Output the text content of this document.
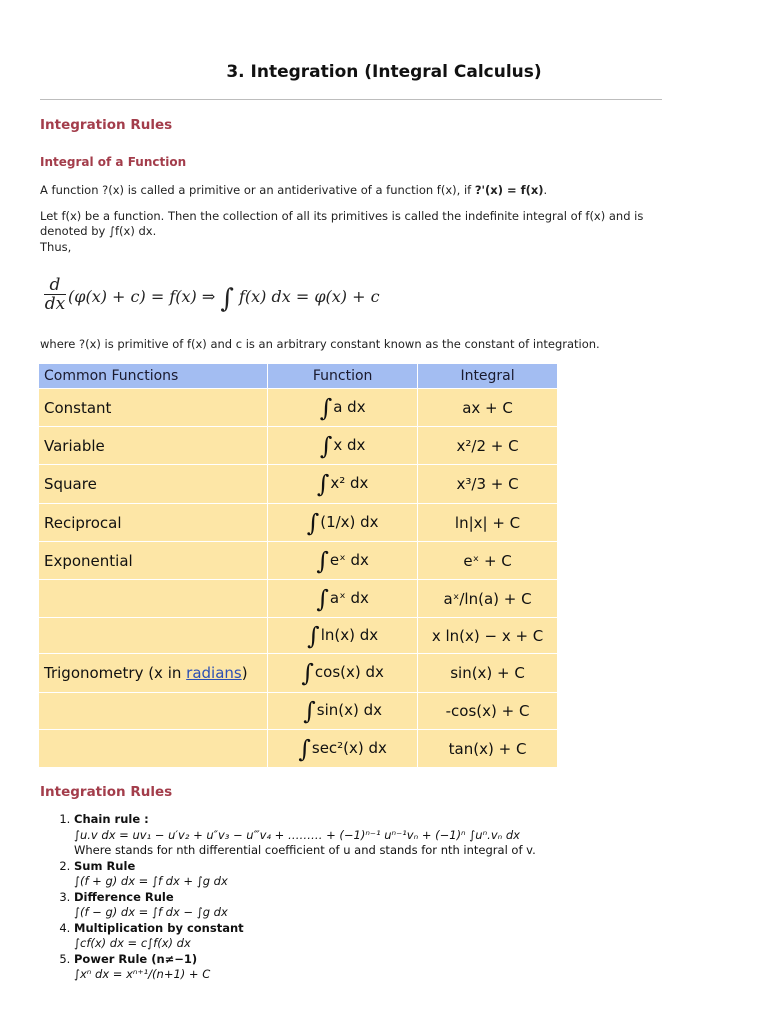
3. Integration (Integral Calculus)
Integration Rules
Integral of a Function
A function ?(x) is called a primitive or an antiderivative of a function f(x), if ?'(x) = f(x).
Let f(x) be a function. Then the collection of all its primitives is called the indefinite integral of f(x) and is denoted by ∫f(x) dx.
Thus,
$\frac{d}{dx} (\varphi(x) + c) = f(x)$ ⇒ ∫ f(x) dx = φ(x) + c
where ?(x) is primitive of f(x) and c is an arbitrary constant known as the constant of integration.
Common Functions	Function	Integral
Constant	∫a dx	ax + C
Variable	∫x dx	x²/2 + C
Square	∫x² dx	x³/3 + C
Reciprocal	∫(1/x) dx	ln|x| + C
Exponential	∫eˣ dx	eˣ + C
	∫aˣ dx	aˣ/ln(a) + C
	∫ln(x) dx	x ln(x) − x + C
Trigonometry (x in radians)	∫cos(x) dx	sin(x) + C
	∫sin(x) dx	-cos(x) + C
	∫sec²(x) dx	tan(x) + C
Integration Rules
1. Chain rule :
∫u.v dx = uv₁ − u′v₂ + u″v₃ − u‴v₄ + ……… + (−1)ⁿ⁻¹ uⁿ⁻¹vₙ + (−1)ⁿ ∫uⁿ.vₙ dx
Where stands for nth differential coefficient of u and stands for nth integral of v.
2. Sum Rule
∫(f + g) dx = ∫f dx + ∫g dx
3. Difference Rule
∫(f − g) dx = ∫f dx − ∫g dx
4. Multiplication by constant
∫cf(x) dx = c∫f(x) dx
5. Power Rule (n≠−1)
∫xⁿ dx = xⁿ⁺¹/(n+1) + C
